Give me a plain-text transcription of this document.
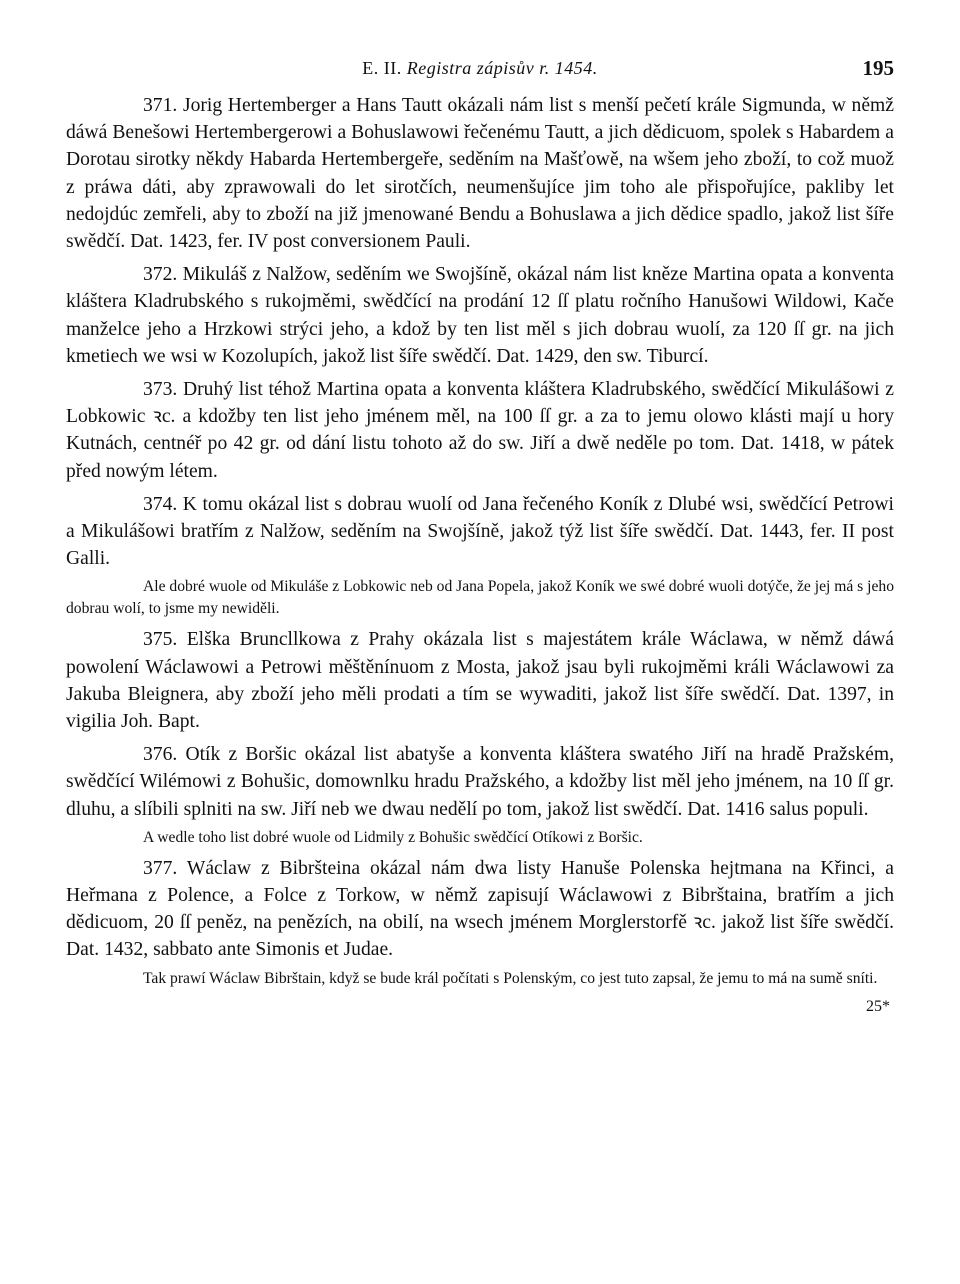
E. II. Registra zápisův r. 1454.	195

371. Jorig Hertemberger a Hans Tautt okázali nám list s menší pečetí krále Sigmunda, w němž dáwá Benešowi Hertembergerowi a Bohuslawowi řečenému Tautt, a jich dědicuom, spolek s Habardem a Dorotau sirotky někdy Habarda Hertembergeře, seděním na Mašťowě, na wšem jeho zboží, to což muož z práwa dáti, aby zprawowali do let sirotčích, neumenšujíce jim toho ale přispořujíce, pakliby let nedojdúc zemřeli, aby to zboží na již jmenowané Bendu a Bohuslawa a jich dědice spadlo, jakož list šíře swědčí. Dat. 1423, fer. IV post conversionem Pauli.

372. Mikuláš z Nalžow, seděním we Swojšíně, okázal nám list kněze Martina opata a konventa kláštera Kladrubského s rukojměmi, swědčící na prodání 12 ſſ platu ročního Hanušowi Wildowi, Kače manželce jeho a Hrzkowi strýci jeho, a kdož by ten list měl s jich dobrau wuolí, za 120 ſſ gr. na jich kmetiech we wsi w Kozolupích, jakož list šíře swědčí. Dat. 1429, den sw. Tiburcí.

373. Druhý list téhož Martina opata a konventa kláštera Kladrubského, swědčící Mikulášowi z Lobkowic ꝛc. a kdožby ten list jeho jménem měl, na 100 ſſ gr. a za to jemu olowo klásti mají u hory Kutnách, centnéř po 42 gr. od dání listu tohoto až do sw. Jiří a dwě neděle po tom. Dat. 1418, w pátek před nowým létem.

374. K tomu okázal list s dobrau wuolí od Jana řečeného Koník z Dlubé wsi, swědčící Petrowi a Mikulášowi bratřím z Nalžow, seděním na Swojšíně, jakož týž list šíře swědčí. Dat. 1443, fer. II post Galli.

Ale dobré wuole od Mikuláše z Lobkowic neb od Jana Popela, jakož Koník we swé dobré wuoli dotýče, že jej má s jeho dobrau wolí, to jsme my newiděli.

375. Elška Bruncllkowa z Prahy okázala list s majestátem krále Wáclawa, w němž dáwá powolení Wáclawowi a Petrowi měštěnínuom z Mosta, jakož jsau byli rukojměmi králi Wáclawowi za Jakuba Bleignera, aby zboží jeho měli prodati a tím se wywaditi, jakož list šíře swědčí. Dat. 1397, in vigilia Joh. Bapt.

376. Otík z Boršic okázal list abatyše a konventa kláštera swatého Jiří na hradě Pražském, swědčící Wilémowi z Bohušic, domownlku hradu Pražského, a kdožby list měl jeho jménem, na 10 ſſ gr. dluhu, a slíbili splniti na sw. Jiří neb we dwau nedělí po tom, jakož list swědčí. Dat. 1416 salus populi.

A wedle toho list dobré wuole od Lidmily z Bohušic swědčící Otíkowi z Boršic.

377. Wáclaw z Bibršteina okázal nám dwa listy Hanuše Polenska hejtmana na Křinci, a Heřmana z Polence, a Folce z Torkow, w němž zapisují Wáclawowi z Bibrštaina, bratřím a jich dědicuom, 20 ſſ peněz, na penězích, na obilí, na wsech jménem Morglerstorfě ꝛc. jakož list šíře swědčí. Dat. 1432, sabbato ante Simonis et Judae.

Tak prawí Wáclaw Bibrštain, když se bude král počítati s Polenským, co jest tuto zapsal, že jemu to má na sumě sníti.

25*
